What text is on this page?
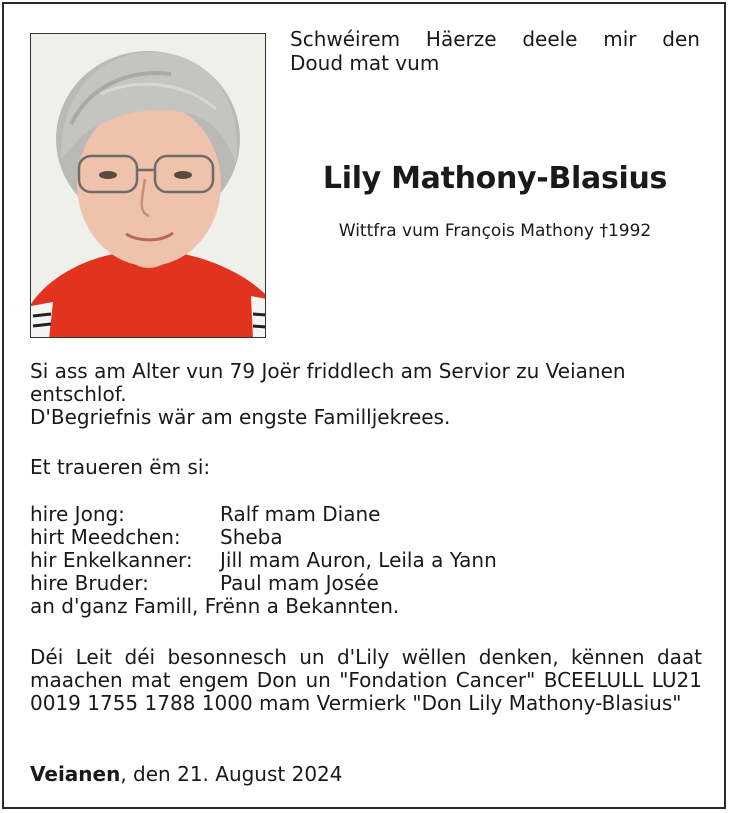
Schwéirem Häerze deele mir den
Doud mat vum
Lily Mathony-Blasius

Wittfra vum François Mathony †1992

Si ass am Alter vun 79 Joër friddlech am Servior zu Veianen entschlof.
D'Begriefnis wär am engste Familljekrees.

Et traueren ëm si:

hire Jong:	Ralf mam Diane
hirt Meedchen:	Sheba
hir Enkelkanner:	Jill mam Auron, Leila a Yann
hire Bruder:	Paul mam Josée
an d'ganz Famill, Frënn a Bekannten.

Déi Leit déi besonnesch un d'Lily wëllen denken, kënnen daat maachen mat engem Don un "Fondation Cancer" BCEELULL LU21 0019 1755 1788 1000 mam Vermierk "Don Lily Mathony-Blasius"

Veianen, den 21. August 2024
